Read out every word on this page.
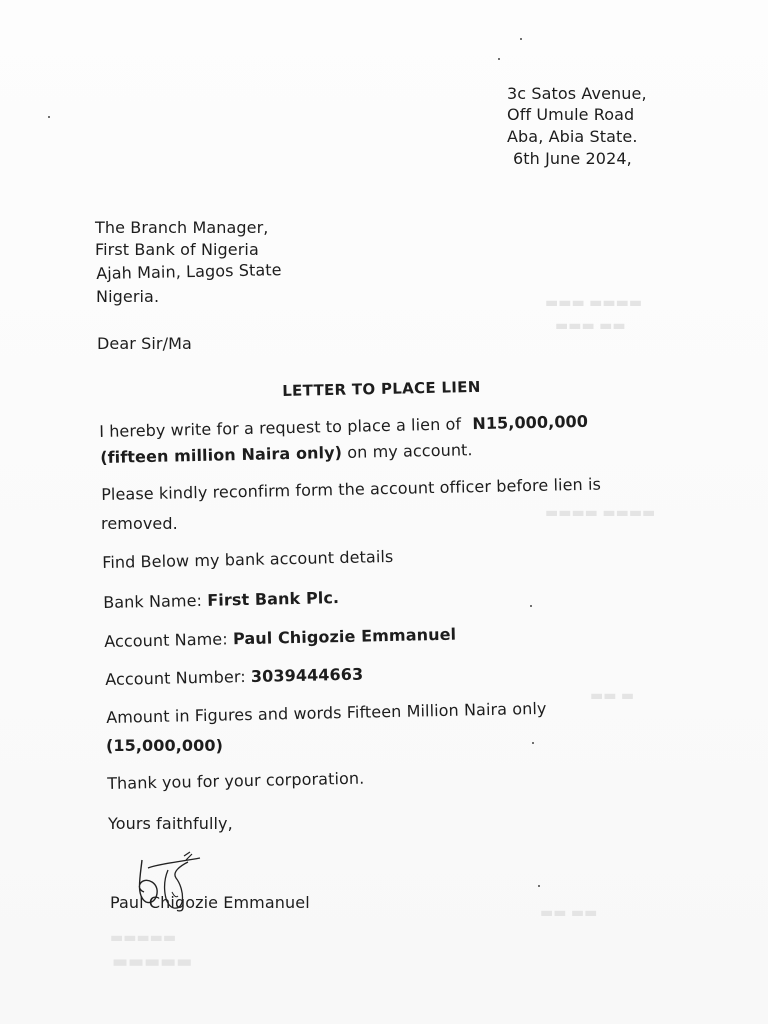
▬▬▬ ▬▬▬▬
▬▬▬ ▬▬
▬▬▬▬ ▬▬▬▬
▬▬ ▬
▬▬▬▬▬
▬▬▬▬▬
▬▬ ▬▬
3c Satos Avenue,
Off Umule Road
Aba, Abia State.
6th June 2024,
The Branch Manager,
First Bank of Nigeria
Ajah Main, Lagos State
Nigeria.
Dear Sir/Ma
LETTER TO PLACE LIEN
I hereby write for a request to place a lien of N15,000,000
(fifteen million Naira only) on my account.
Please kindly reconfirm form the account officer before lien is
removed.
Find Below my bank account details
Bank Name: First Bank Plc.
Account Name: Paul Chigozie Emmanuel
Account Number: 3039444663
Amount in Figures and words Fifteen Million Naira only
(15,000,000)
Thank you for your corporation.
Yours faithfully,
Paul Chigozie Emmanuel
